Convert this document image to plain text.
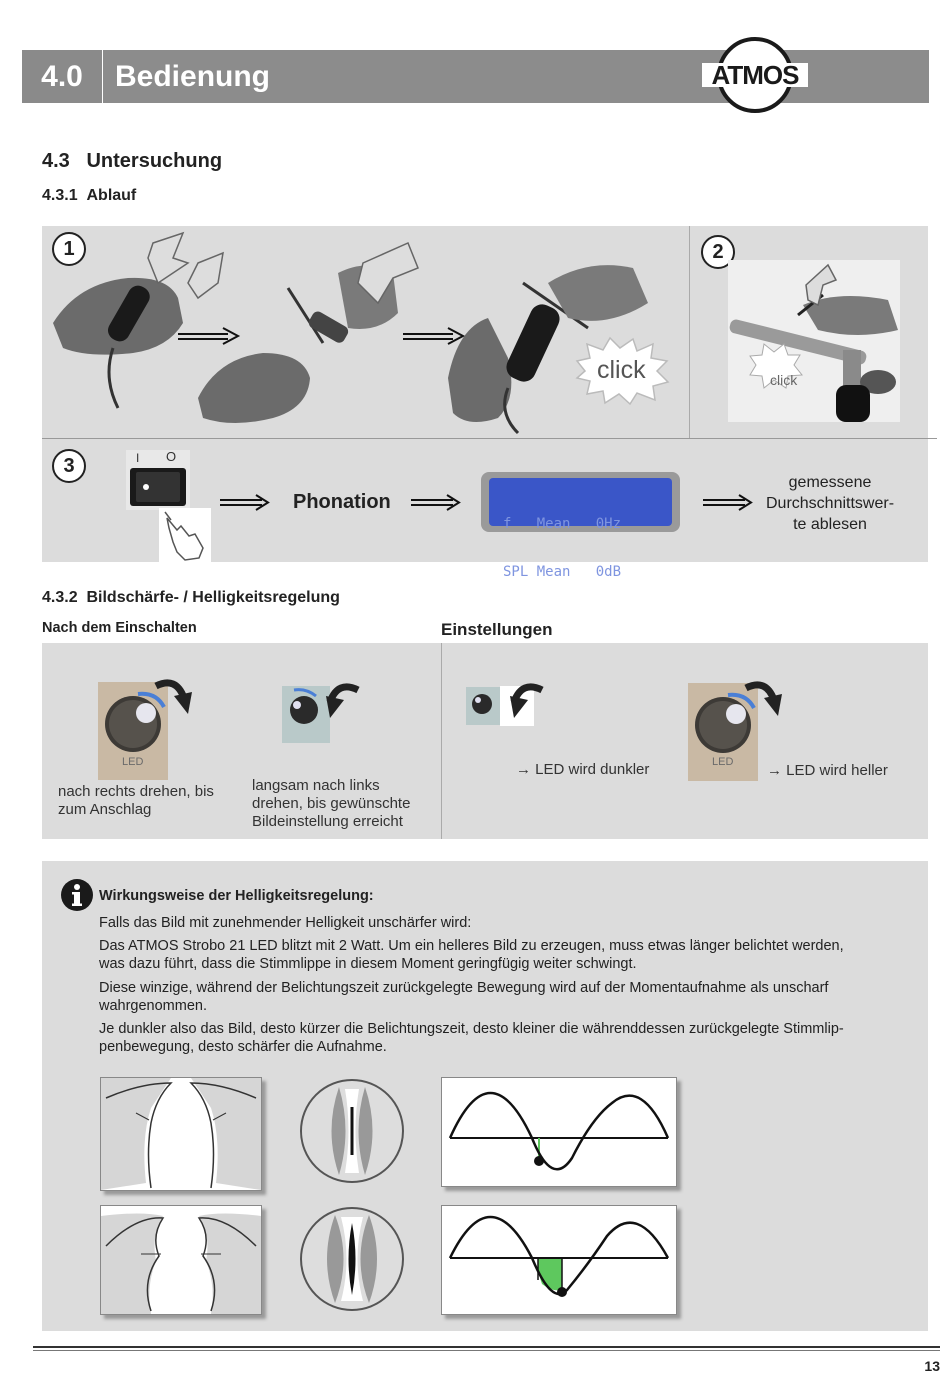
4.0	Bedienung	ATMOS
4.3 Untersuchung
4.3.1 Ablauf
1	2
3
click	click
I O
Phonation

f   Mean   0Hz

SPL Mean   0dB

gemessene
Durchschnittswer-
te ablesen
4.3.2 Bildschärfe- / Helligkeitsregelung
Nach dem Einschalten	Einstellungen
LED
nach rechts drehen, bis
zum Anschlag
langsam nach links
drehen, bis gewünschte
Bildeinstellung erreicht
→ LED wird dunkler	LED → LED wird heller
Wirkungsweise der Helligkeitsregelung:
Falls das Bild mit zunehmender Helligkeit unschärfer wird:
Das ATMOS Strobo 21 LED blitzt mit 2 Watt. Um ein helleres Bild zu erzeugen, muss etwas länger belichtet werden,
was dazu führt, dass die Stimmlippe in diesem Moment geringfügig weiter schwingt.
Diese winzige, während der Belichtungszeit zurückgelegte Bewegung wird auf der Momentaufnahme als unscharf
wahrgenommen.
Je dunkler also das Bild, desto kürzer die Belichtungszeit, desto kleiner die währenddessen zurückgelegte Stimmlip-
penbewegung, desto schärfer die Aufnahme.
13
